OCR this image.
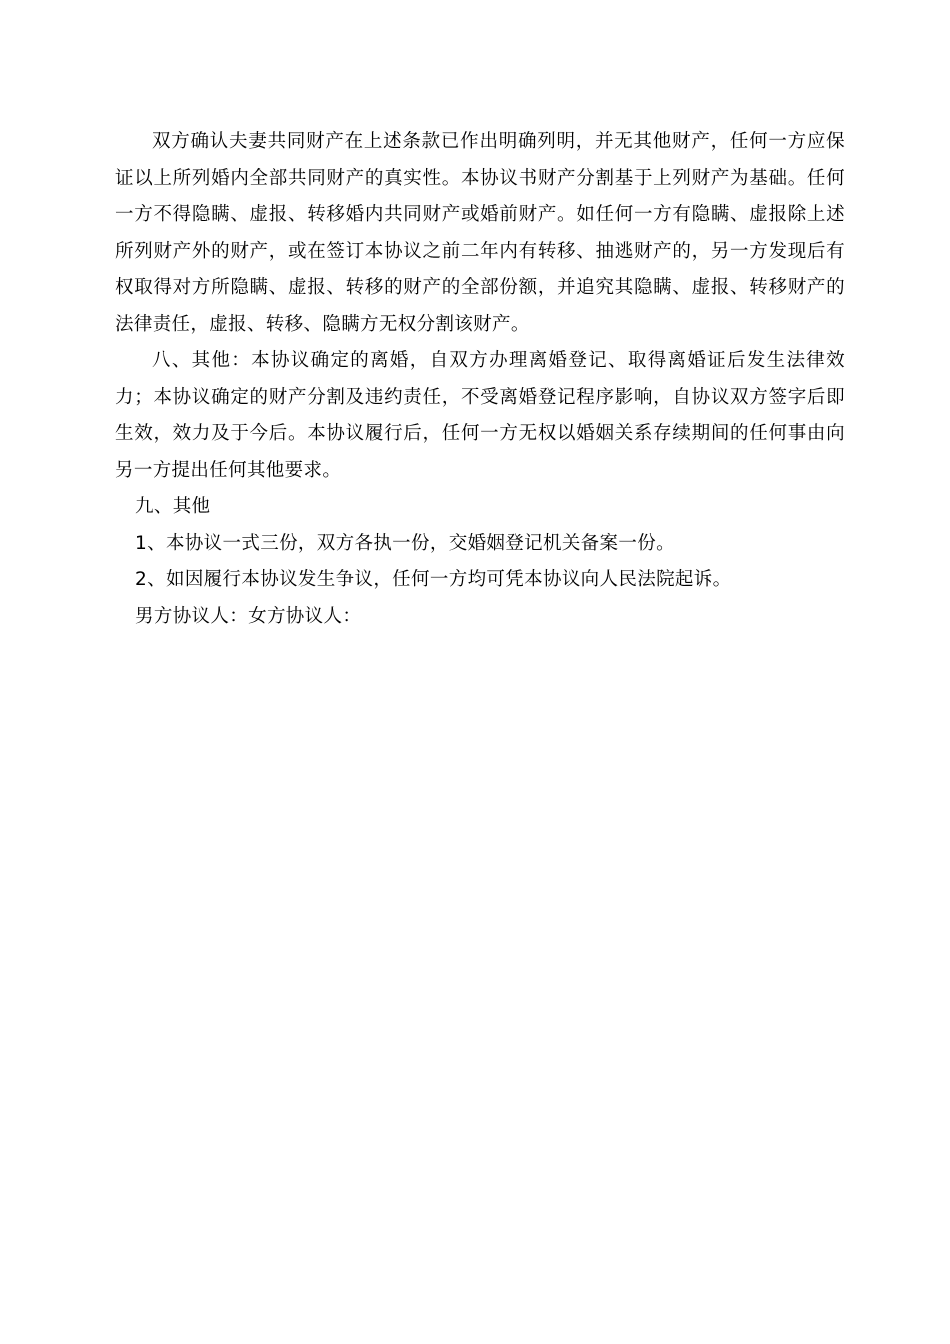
双方确认夫妻共同财产在上述条款已作出明确列明，并无其他财产，任何一方应保证以上所列婚内全部共同财产的真实性。本协议书财产分割基于上列财产为基础。任何一方不得隐瞒、虚报、转移婚内共同财产或婚前财产。如任何一方有隐瞒、虚报除上述所列财产外的财产，或在签订本协议之前二年内有转移、抽逃财产的，另一方发现后有权取得对方所隐瞒、虚报、转移的财产的全部份额，并追究其隐瞒、虚报、转移财产的法律责任，虚报、转移、隐瞒方无权分割该财产。

八、其他：本协议确定的离婚，自双方办理离婚登记、取得离婚证后发生法律效力；本协议确定的财产分割及违约责任，不受离婚登记程序影响，自协议双方签字后即生效，效力及于今后。本协议履行后，任何一方无权以婚姻关系存续期间的任何事由向另一方提出任何其他要求。

九、其他

1、本协议一式三份，双方各执一份，交婚姻登记机关备案一份。

2、如因履行本协议发生争议，任何一方均可凭本协议向人民法院起诉。

男方协议人：女方协议人：
